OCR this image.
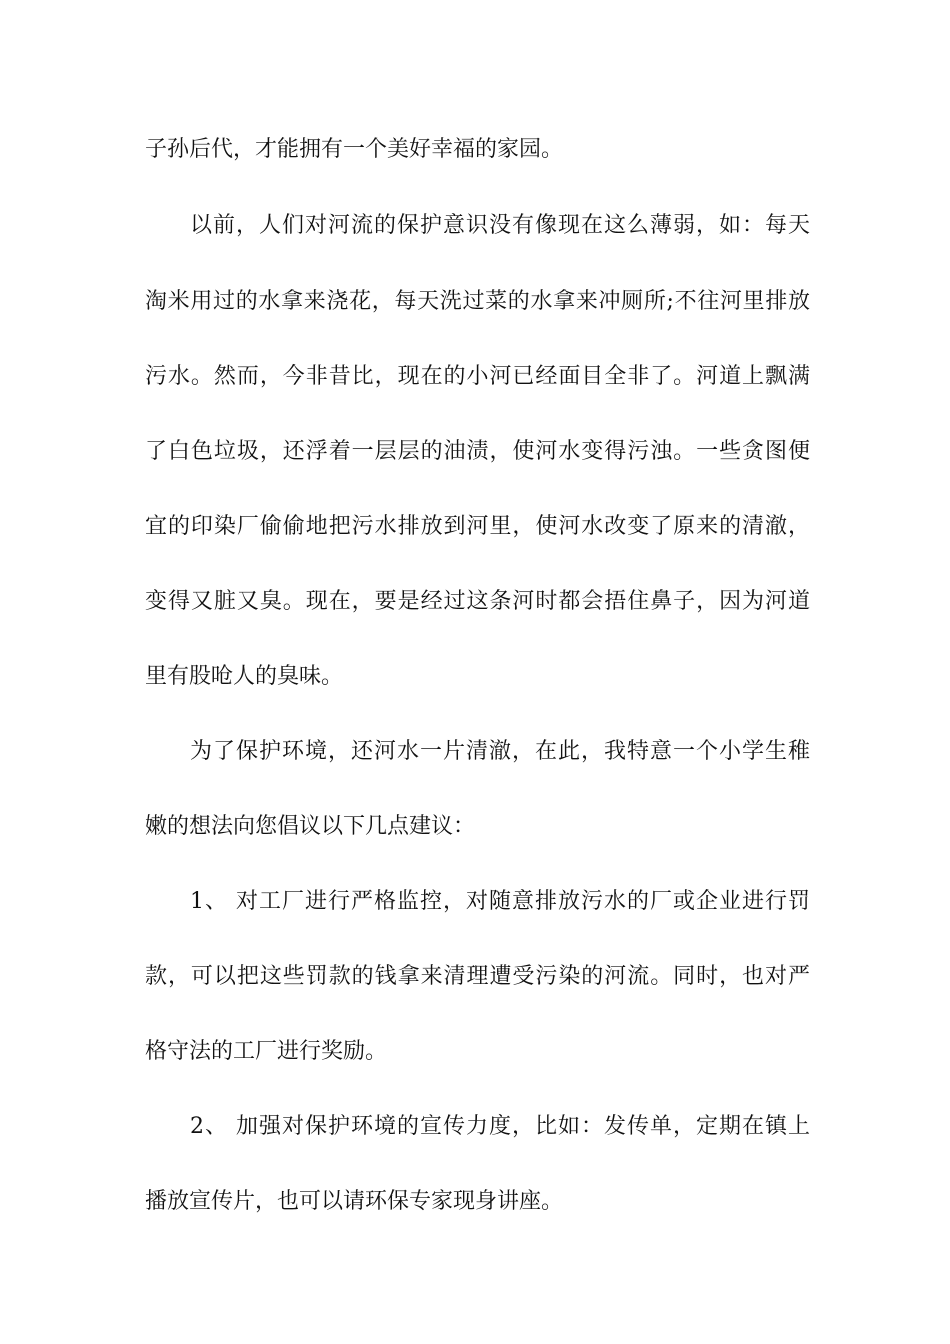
子孙后代，才能拥有一个美好幸福的家园。
以前，人们对河流的保护意识没有像现在这么薄弱，如：每天
淘米用过的水拿来浇花，每天洗过菜的水拿来冲厕所;不往河里排放
污水。然而，今非昔比，现在的小河已经面目全非了。河道上飘满
了白色垃圾，还浮着一层层的油渍，使河水变得污浊。一些贪图便
宜的印染厂偷偷地把污水排放到河里，使河水改变了原来的清澈，
变得又脏又臭。现在，要是经过这条河时都会捂住鼻子，因为河道
里有股呛人的臭味。
为了保护环境，还河水一片清澈，在此，我特意一个小学生稚
嫩的想法向您倡议以下几点建议：
1、 对工厂进行严格监控，对随意排放污水的厂或企业进行罚
款，可以把这些罚款的钱拿来清理遭受污染的河流。同时，也对严
格守法的工厂进行奖励。
2、 加强对保护环境的宣传力度，比如：发传单，定期在镇上
播放宣传片，也可以请环保专家现身讲座。
